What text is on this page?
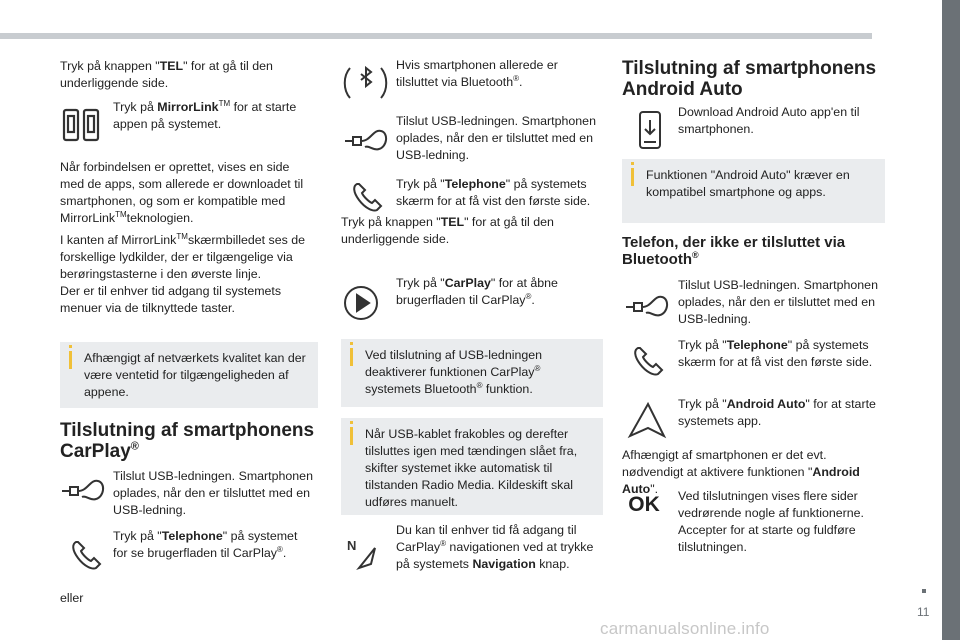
Tryk på knappen "TEL" for at gå til den underliggende side.

Tryk på MirrorLink™ for at starte appen på systemet.

Når forbindelsen er oprettet, vises en side med de apps, som allerede er downloadet til smartphonen, og som er kompatible med MirrorLink™teknologien.

I kanten af MirrorLink™skærmbilledet ses de forskellige lydkilder, der er tilgængelige via berøringstasterne i den øverste linje.
Der er til enhver tid adgang til systemets menuer via de tilknyttede taster.

Afhængigt af netværkets kvalitet kan der være ventetid for tilgængeligheden af appene.
Tilslutning af smartphonens CarPlay®

Tilslut USB-ledningen. Smartphonen oplades, når den er tilsluttet med en USB-ledning.

Tryk på "Telephone" på systemet for se brugerfladen til CarPlay®.

eller

Hvis smartphonen allerede er tilsluttet via Bluetooth®.

Tilslut USB-ledningen. Smartphonen oplades, når den er tilsluttet med en USB-ledning.

Tryk på "Telephone" på systemets skærm for at få vist den første side.

Tryk på knappen "TEL" for at gå til den underliggende side.

Tryk på "CarPlay" for at åbne brugerfladen til CarPlay®.

Ved tilslutning af USB-ledningen deaktiverer funktionen CarPlay® systemets Bluetooth® funktion.
Når USB-kablet frakobles og derefter tilsluttes igen med tændingen slået fra, skifter systemet ikke automatisk til tilstanden Radio Media. Kildeskift skal udføres manuelt.
N

Du kan til enhver tid få adgang til CarPlay® navigationen ved at trykke på systemets Navigation knap.

Tilslutning af smartphonens Android Auto

Download Android Auto app'en til smartphonen.

Funktionen "Android Auto" kræver en kompatibel smartphone og apps.
Telefon, der ikke er tilsluttet via Bluetooth®

Tilslut USB-ledningen. Smartphonen oplades, når den er tilsluttet med en USB-ledning.

Tryk på "Telephone" på systemets skærm for at få vist den første side.

Tryk på "Android Auto" for at starte systemets app.

Afhængigt af smartphonen er det evt. nødvendigt at aktivere funktionen "Android Auto".

OK	Ved tilslutningen vises flere sider vedrørende nogle af funktionerne. Accepter for at starte og fuldføre tilslutningen.

11
carmanualsonline.info
